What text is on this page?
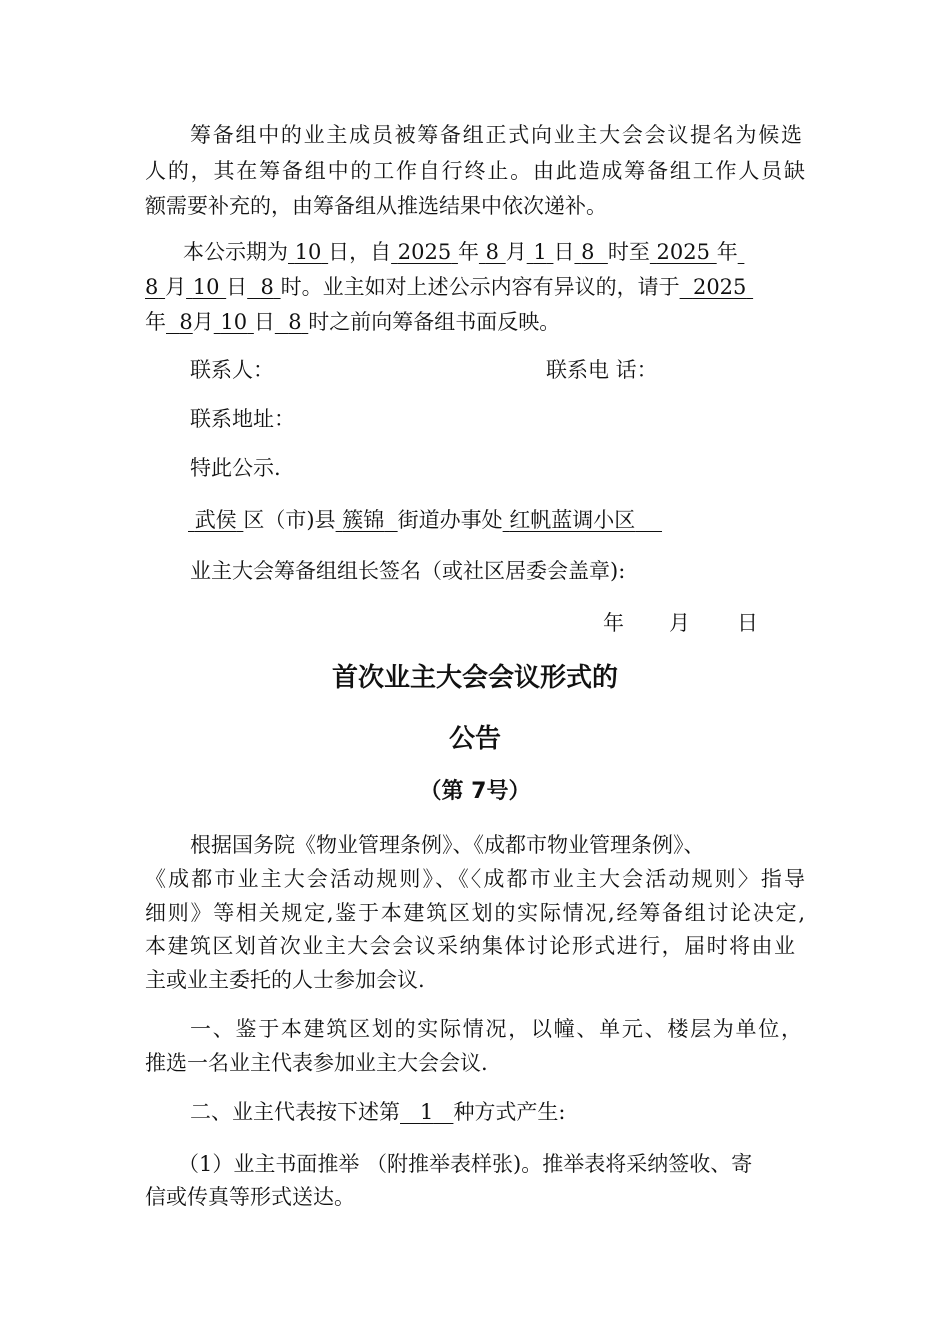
筹备组中的业主成员被筹备组正式向业主大会会议提名为候选
人的，其在筹备组中的工作自行终止。由此造成筹备组工作人员缺
额需要补充的，由筹备组从推选结果中依次递补。
本公示期为 10 日，自 2025 年 8 月 1 日 8 时至 2025 年
8 月 10 日 8 时。业主如对上述公示内容有异议的，请于 2025
年 8月 10 日 8 时之前向筹备组书面反映。
联系人：	联系电 话：
联系地址：
特此公示.
武侯 区（市)县 簇锦 街道办事处 红帆蓝调小区
业主大会筹备组组长签名（或社区居委会盖章):
年	月	日
首次业主大会会议形式的
公告
（第 7号）
根据国务院《物业管理条例》、《成都市物业管理条例》、
《成都市业主大会活动规则》、《〈成都市业主大会活动规则〉指导
细则》等相关规定,鉴于本建筑区划的实际情况,经筹备组讨论决定,
本建筑区划首次业主大会会议采纳集体讨论形式进行，届时将由业
主或业主委托的人士参加会议.
一、鉴于本建筑区划的实际情况，以幢、单元、楼层为单位，
推选一名业主代表参加业主大会会议.
二、业主代表按下述第 1 种方式产生:
（1）业主书面推举 （附推举表样张)。推举表将采纳签收、寄
信或传真等形式送达。
